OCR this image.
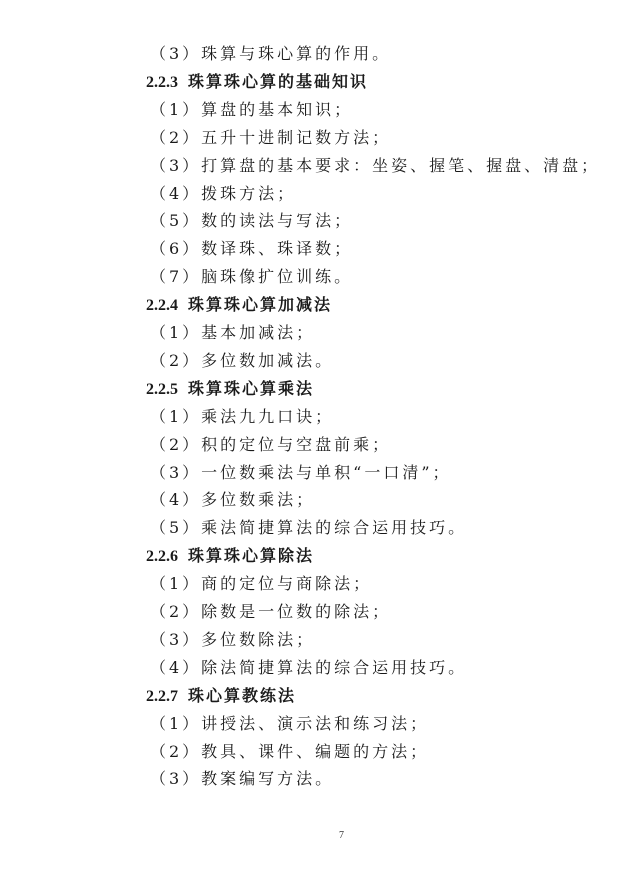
（3）珠算与珠心算的作用。
2.2.3 珠算珠心算的基础知识
（1）算盘的基本知识；
（2）五升十进制记数方法；
（3）打算盘的基本要求：坐姿、握笔、握盘、清盘；
（4）拨珠方法；
（5）数的读法与写法；
（6）数译珠、珠译数；
（7）脑珠像扩位训练。
2.2.4 珠算珠心算加减法
（1）基本加减法；
（2）多位数加减法。
2.2.5 珠算珠心算乘法
（1）乘法九九口诀；
（2）积的定位与空盘前乘；
（3）一位数乘法与单积“一口清”；
（4）多位数乘法；
（5）乘法简捷算法的综合运用技巧。
2.2.6 珠算珠心算除法
（1）商的定位与商除法；
（2）除数是一位数的除法；
（3）多位数除法；
（4）除法简捷算法的综合运用技巧。
2.2.7 珠心算教练法
（1）讲授法、演示法和练习法；
（2）教具、课件、编题的方法；
（3）教案编写方法。
7
